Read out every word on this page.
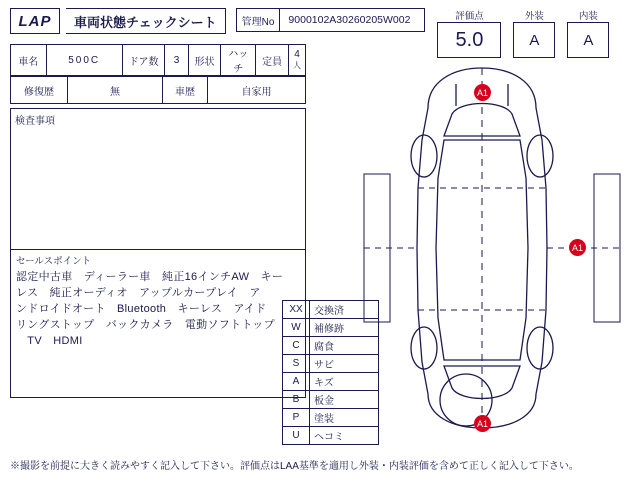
LAP	車両状態チェックシート	管理No	9000102A30260205W002	評価点
5.0
外装
A
内装
A
車名	500C	ドア数	3	形状	ハッチ	定員	4人
修復歴	無	車歴	自家用
検査事項
セールスポイント
認定中古車　ディーラー車　純正16インチAW　キー
レス　純正オーディオ　アップルカープレイ　ア
ンドロイドオート　Bluetooth　キーレス　アイド
リングストップ　バックカメラ　電動ソフトトップ
　TV　HDMI
XX	交換済
W	補修跡
C	腐食
S	サビ
A	キズ
B	板金
P	塗装
U	ヘコミ
A1
A1
A1
※撮影を前提に大きく読みやすく記入して下さい。評価点はLAA基準を適用し外装・内装評価を含めて正しく記入して下さい。
